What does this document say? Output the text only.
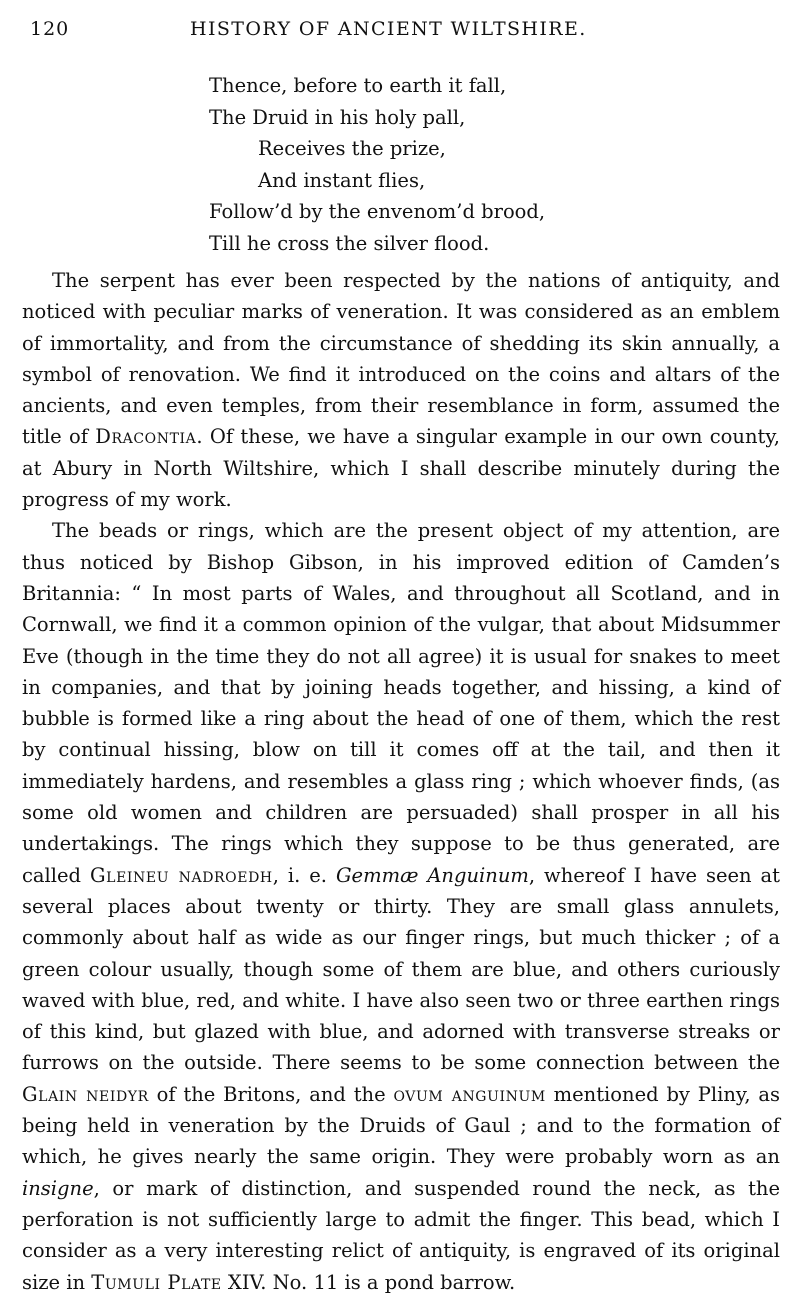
120	HISTORY OF ANCIENT WILTSHIRE.
Thence, before to earth it fall,
The Druid in his holy pall,
Receives the prize,
And instant flies,
Follow’d by the envenom’d brood,
Till he cross the silver flood.

The serpent has ever been respected by the nations of antiquity, and noticed with peculiar marks of veneration. It was considered as an emblem of immortality, and from the circumstance of shedding its skin annually, a symbol of renovation. We find it introduced on the coins and altars of the ancients, and even temples, from their resemblance in form, assumed the title of Dracontia. Of these, we have a singular example in our own county, at Abury in North Wiltshire, which I shall describe minutely during the progress of my work.

The beads or rings, which are the present object of my attention, are thus noticed by Bishop Gibson, in his improved edition of Camden’s Britannia: “ In most parts of Wales, and throughout all Scotland, and in Cornwall, we find it a common opinion of the vulgar, that about Midsummer Eve (though in the time they do not all agree) it is usual for snakes to meet in companies, and that by joining heads together, and hissing, a kind of bubble is formed like a ring about the head of one of them, which the rest by continual hissing, blow on till it comes off at the tail, and then it immediately hardens, and resembles a glass ring ; which whoever finds, (as some old women and children are persuaded) shall prosper in all his undertakings. The rings which they suppose to be thus generated, are called Gleineu nadroedh, i. e. Gemmæ Anguinum, whereof I have seen at several places about twenty or thirty. They are small glass annulets, commonly about half as wide as our finger rings, but much thicker ; of a green colour usually, though some of them are blue, and others curiously waved with blue, red, and white. I have also seen two or three earthen rings of this kind, but glazed with blue, and adorned with transverse streaks or furrows on the outside. There seems to be some connection between the Glain neidyr of the Britons, and the ovum anguinum mentioned by Pliny, as being held in veneration by the Druids of Gaul ; and to the formation of which, he gives nearly the same origin. They were probably worn as an insigne, or mark of distinction, and suspended round the neck, as the perforation is not sufficiently large to admit the finger. This bead, which I consider as a very interesting relict of antiquity, is engraved of its original size in Tumuli Plate XIV. No. 11 is a pond barrow.
